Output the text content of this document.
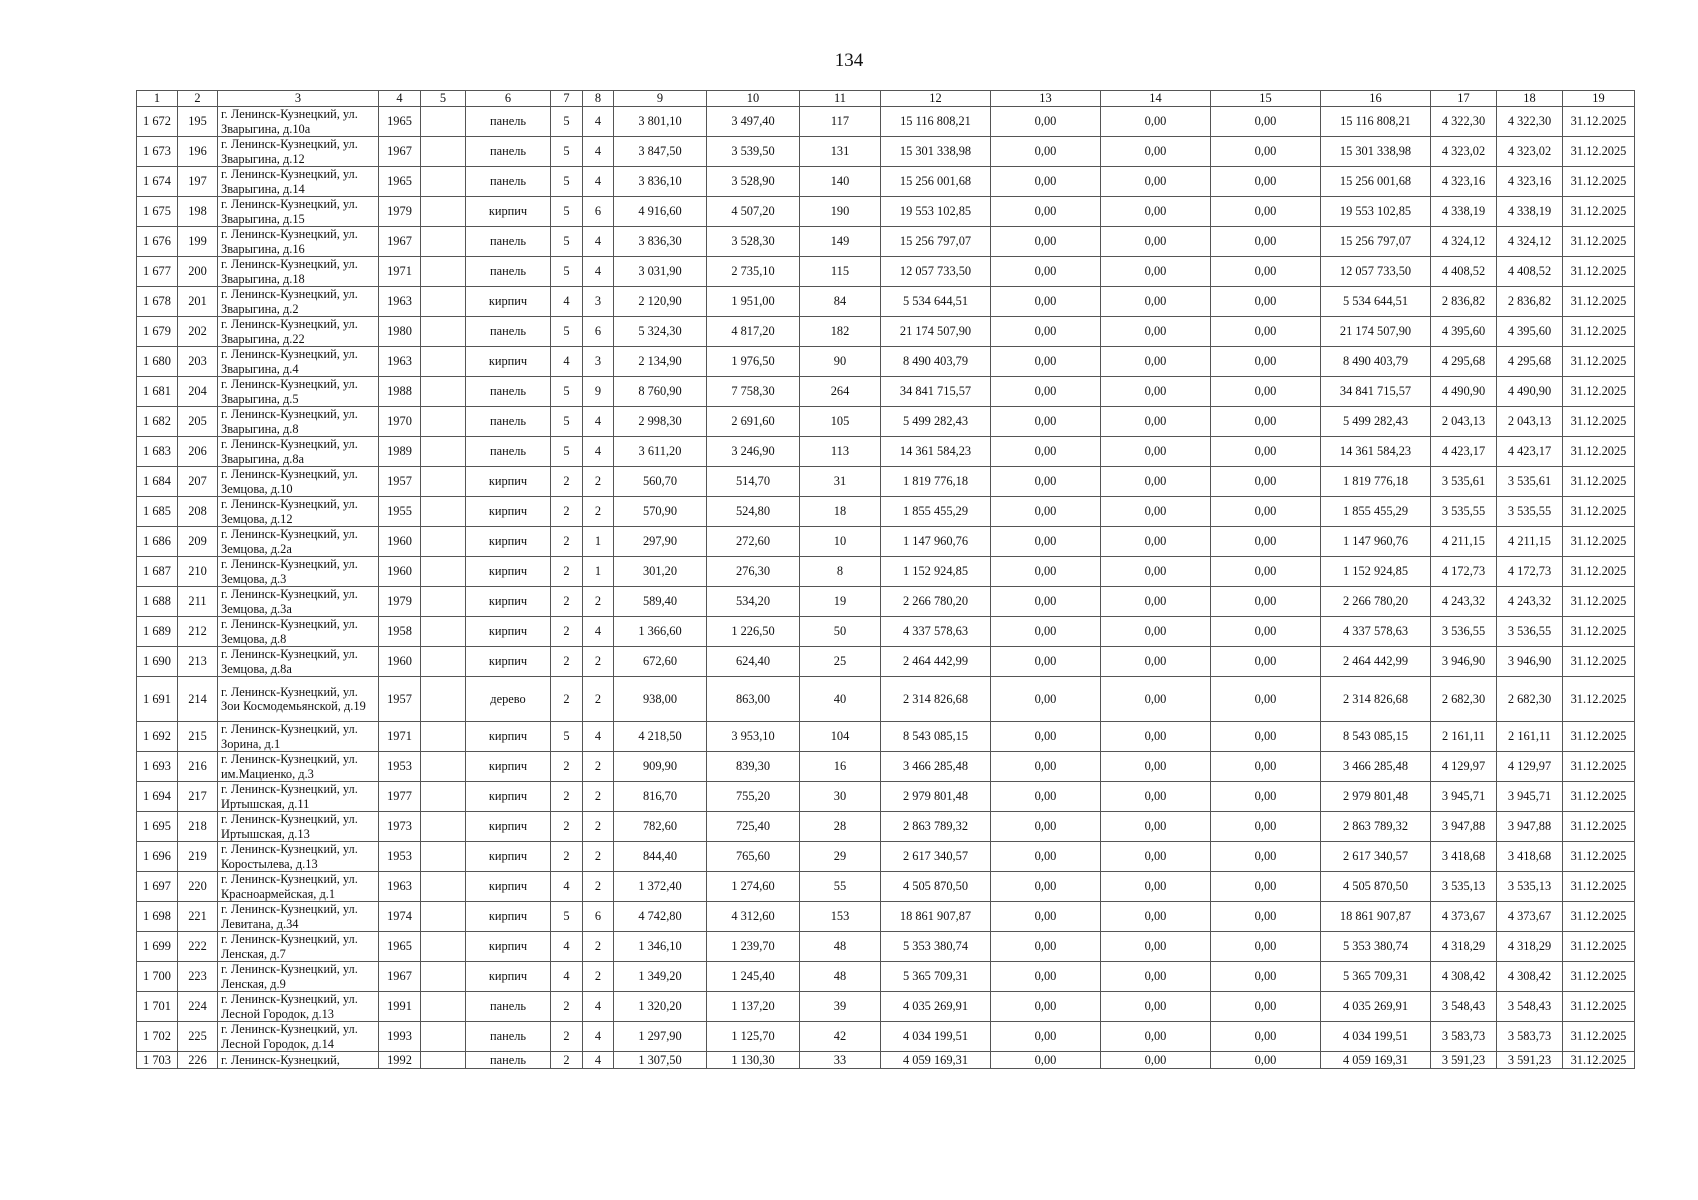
134
1	2	3	4	5	6	7	8	9	10	11	12	13	14	15	16	17	18	19
1 672	195	г. Ленинск-Кузнецкий, ул. Зварыгина, д.10а	1965		панель	5	4	3 801,10	3 497,40	117	15 116 808,21	0,00	0,00	0,00	15 116 808,21	4 322,30	4 322,30	31.12.2025
1 673	196	г. Ленинск-Кузнецкий, ул. Зварыгина, д.12	1967		панель	5	4	3 847,50	3 539,50	131	15 301 338,98	0,00	0,00	0,00	15 301 338,98	4 323,02	4 323,02	31.12.2025
1 674	197	г. Ленинск-Кузнецкий, ул. Зварыгина, д.14	1965		панель	5	4	3 836,10	3 528,90	140	15 256 001,68	0,00	0,00	0,00	15 256 001,68	4 323,16	4 323,16	31.12.2025
1 675	198	г. Ленинск-Кузнецкий, ул. Зварыгина, д.15	1979		кирпич	5	6	4 916,60	4 507,20	190	19 553 102,85	0,00	0,00	0,00	19 553 102,85	4 338,19	4 338,19	31.12.2025
1 676	199	г. Ленинск-Кузнецкий, ул. Зварыгина, д.16	1967		панель	5	4	3 836,30	3 528,30	149	15 256 797,07	0,00	0,00	0,00	15 256 797,07	4 324,12	4 324,12	31.12.2025
1 677	200	г. Ленинск-Кузнецкий, ул. Зварыгина, д.18	1971		панель	5	4	3 031,90	2 735,10	115	12 057 733,50	0,00	0,00	0,00	12 057 733,50	4 408,52	4 408,52	31.12.2025
1 678	201	г. Ленинск-Кузнецкий, ул. Зварыгина, д.2	1963		кирпич	4	3	2 120,90	1 951,00	84	5 534 644,51	0,00	0,00	0,00	5 534 644,51	2 836,82	2 836,82	31.12.2025
1 679	202	г. Ленинск-Кузнецкий, ул. Зварыгина, д.22	1980		панель	5	6	5 324,30	4 817,20	182	21 174 507,90	0,00	0,00	0,00	21 174 507,90	4 395,60	4 395,60	31.12.2025
1 680	203	г. Ленинск-Кузнецкий, ул. Зварыгина, д.4	1963		кирпич	4	3	2 134,90	1 976,50	90	8 490 403,79	0,00	0,00	0,00	8 490 403,79	4 295,68	4 295,68	31.12.2025
1 681	204	г. Ленинск-Кузнецкий, ул. Зварыгина, д.5	1988		панель	5	9	8 760,90	7 758,30	264	34 841 715,57	0,00	0,00	0,00	34 841 715,57	4 490,90	4 490,90	31.12.2025
1 682	205	г. Ленинск-Кузнецкий, ул. Зварыгина, д.8	1970		панель	5	4	2 998,30	2 691,60	105	5 499 282,43	0,00	0,00	0,00	5 499 282,43	2 043,13	2 043,13	31.12.2025
1 683	206	г. Ленинск-Кузнецкий, ул. Зварыгина, д.8а	1989		панель	5	4	3 611,20	3 246,90	113	14 361 584,23	0,00	0,00	0,00	14 361 584,23	4 423,17	4 423,17	31.12.2025
1 684	207	г. Ленинск-Кузнецкий, ул. Земцова, д.10	1957		кирпич	2	2	560,70	514,70	31	1 819 776,18	0,00	0,00	0,00	1 819 776,18	3 535,61	3 535,61	31.12.2025
1 685	208	г. Ленинск-Кузнецкий, ул. Земцова, д.12	1955		кирпич	2	2	570,90	524,80	18	1 855 455,29	0,00	0,00	0,00	1 855 455,29	3 535,55	3 535,55	31.12.2025
1 686	209	г. Ленинск-Кузнецкий, ул. Земцова, д.2а	1960		кирпич	2	1	297,90	272,60	10	1 147 960,76	0,00	0,00	0,00	1 147 960,76	4 211,15	4 211,15	31.12.2025
1 687	210	г. Ленинск-Кузнецкий, ул. Земцова, д.3	1960		кирпич	2	1	301,20	276,30	8	1 152 924,85	0,00	0,00	0,00	1 152 924,85	4 172,73	4 172,73	31.12.2025
1 688	211	г. Ленинск-Кузнецкий, ул. Земцова, д.3а	1979		кирпич	2	2	589,40	534,20	19	2 266 780,20	0,00	0,00	0,00	2 266 780,20	4 243,32	4 243,32	31.12.2025
1 689	212	г. Ленинск-Кузнецкий, ул. Земцова, д.8	1958		кирпич	2	4	1 366,60	1 226,50	50	4 337 578,63	0,00	0,00	0,00	4 337 578,63	3 536,55	3 536,55	31.12.2025
1 690	213	г. Ленинск-Кузнецкий, ул. Земцова, д.8а	1960		кирпич	2	2	672,60	624,40	25	2 464 442,99	0,00	0,00	0,00	2 464 442,99	3 946,90	3 946,90	31.12.2025
1 691	214	г. Ленинск-Кузнецкий, ул. Зои Космодемьянской, д.19	1957		дерево	2	2	938,00	863,00	40	2 314 826,68	0,00	0,00	0,00	2 314 826,68	2 682,30	2 682,30	31.12.2025
1 692	215	г. Ленинск-Кузнецкий, ул. Зорина, д.1	1971		кирпич	5	4	4 218,50	3 953,10	104	8 543 085,15	0,00	0,00	0,00	8 543 085,15	2 161,11	2 161,11	31.12.2025
1 693	216	г. Ленинск-Кузнецкий, ул. им.Мациенко, д.3	1953		кирпич	2	2	909,90	839,30	16	3 466 285,48	0,00	0,00	0,00	3 466 285,48	4 129,97	4 129,97	31.12.2025
1 694	217	г. Ленинск-Кузнецкий, ул. Иртышская, д.11	1977		кирпич	2	2	816,70	755,20	30	2 979 801,48	0,00	0,00	0,00	2 979 801,48	3 945,71	3 945,71	31.12.2025
1 695	218	г. Ленинск-Кузнецкий, ул. Иртышская, д.13	1973		кирпич	2	2	782,60	725,40	28	2 863 789,32	0,00	0,00	0,00	2 863 789,32	3 947,88	3 947,88	31.12.2025
1 696	219	г. Ленинск-Кузнецкий, ул. Коростылева, д.13	1953		кирпич	2	2	844,40	765,60	29	2 617 340,57	0,00	0,00	0,00	2 617 340,57	3 418,68	3 418,68	31.12.2025
1 697	220	г. Ленинск-Кузнецкий, ул. Красноармейская, д.1	1963		кирпич	4	2	1 372,40	1 274,60	55	4 505 870,50	0,00	0,00	0,00	4 505 870,50	3 535,13	3 535,13	31.12.2025
1 698	221	г. Ленинск-Кузнецкий, ул. Левитана, д.34	1974		кирпич	5	6	4 742,80	4 312,60	153	18 861 907,87	0,00	0,00	0,00	18 861 907,87	4 373,67	4 373,67	31.12.2025
1 699	222	г. Ленинск-Кузнецкий, ул. Ленская, д.7	1965		кирпич	4	2	1 346,10	1 239,70	48	5 353 380,74	0,00	0,00	0,00	5 353 380,74	4 318,29	4 318,29	31.12.2025
1 700	223	г. Ленинск-Кузнецкий, ул. Ленская, д.9	1967		кирпич	4	2	1 349,20	1 245,40	48	5 365 709,31	0,00	0,00	0,00	5 365 709,31	4 308,42	4 308,42	31.12.2025
1 701	224	г. Ленинск-Кузнецкий, ул. Лесной Городок, д.13	1991		панель	2	4	1 320,20	1 137,20	39	4 035 269,91	0,00	0,00	0,00	4 035 269,91	3 548,43	3 548,43	31.12.2025
1 702	225	г. Ленинск-Кузнецкий, ул. Лесной Городок, д.14	1993		панель	2	4	1 297,90	1 125,70	42	4 034 199,51	0,00	0,00	0,00	4 034 199,51	3 583,73	3 583,73	31.12.2025
1 703	226	г. Ленинск-Кузнецкий,	1992		панель	2	4	1 307,50	1 130,30	33	4 059 169,31	0,00	0,00	0,00	4 059 169,31	3 591,23	3 591,23	31.12.2025
